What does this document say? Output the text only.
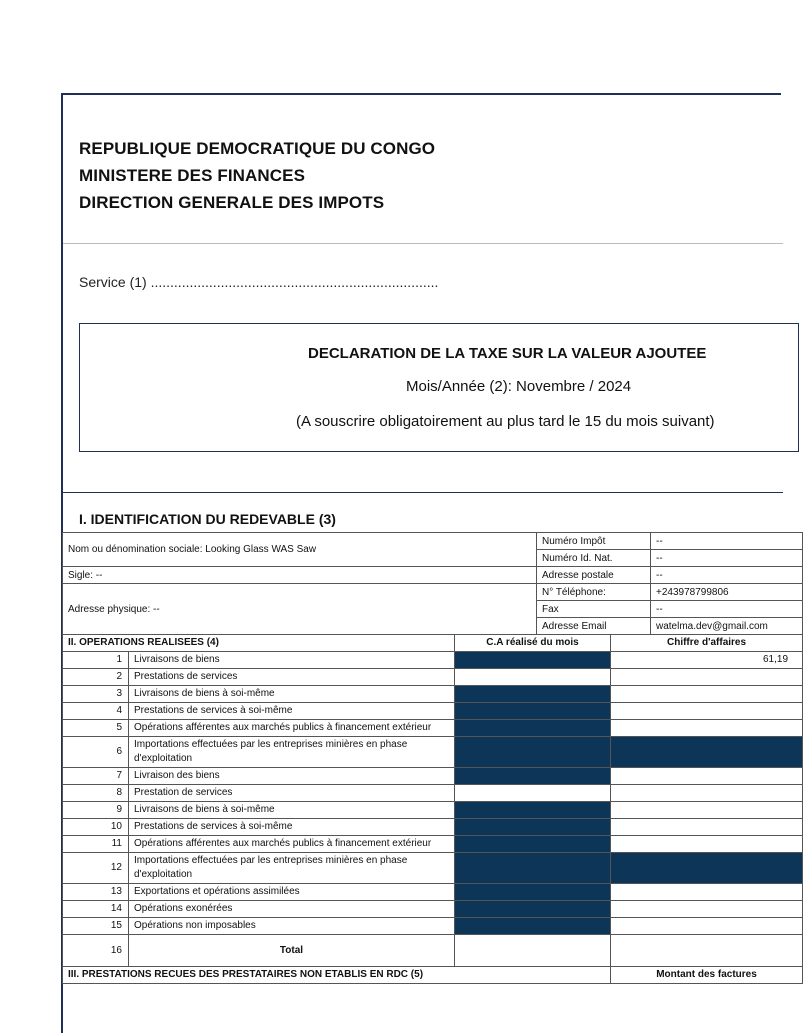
REPUBLIQUE DEMOCRATIQUE DU CONGO
MINISTERE DES FINANCES
DIRECTION GENERALE DES IMPOTS
Service (1) ..........................................................................
DECLARATION DE LA TAXE SUR LA VALEUR AJOUTEE
Mois/Année (2): Novembre / 2024
(A souscrire obligatoirement au plus tard le 15 du mois suivant)
I. IDENTIFICATION DU REDEVABLE (3)
Nom ou dénomination sociale: Looking Glass WAS Saw	Numéro Impôt	--
	Numéro Id. Nat.	--
Sigle: --	Adresse postale	--
Adresse physique: --	N° Téléphone:	+243978799806
	Fax	--
	Adresse Email	watelma.dev@gmail.com
II. OPERATIONS REALISEES (4)		C.A réalisé du mois	Chiffre d'affaires
1	Livraisons de biens		61,19
2	Prestations de services		
3	Livraisons de biens à soi-même		
4	Prestations de services à soi-même		
5	Opérations afférentes aux marchés publics à financement extérieur		
6	Importations effectuées par les entreprises minières en phase d'exploitation		
7	Livraison des biens		
8	Prestation de services		
9	Livraisons de biens à soi-même		
10	Prestations de services à soi-même		
11	Opérations afférentes aux marchés publics à financement extérieur		
12	Importations effectuées par les entreprises minières en phase d'exploitation		
13	Exportations et opérations assimilées		
14	Opérations exonérées		
15	Opérations non imposables		
16	Total		
III. PRESTATIONS RECUES DES PRESTATAIRES NON ETABLIS EN RDC (5)			Montant des factures
